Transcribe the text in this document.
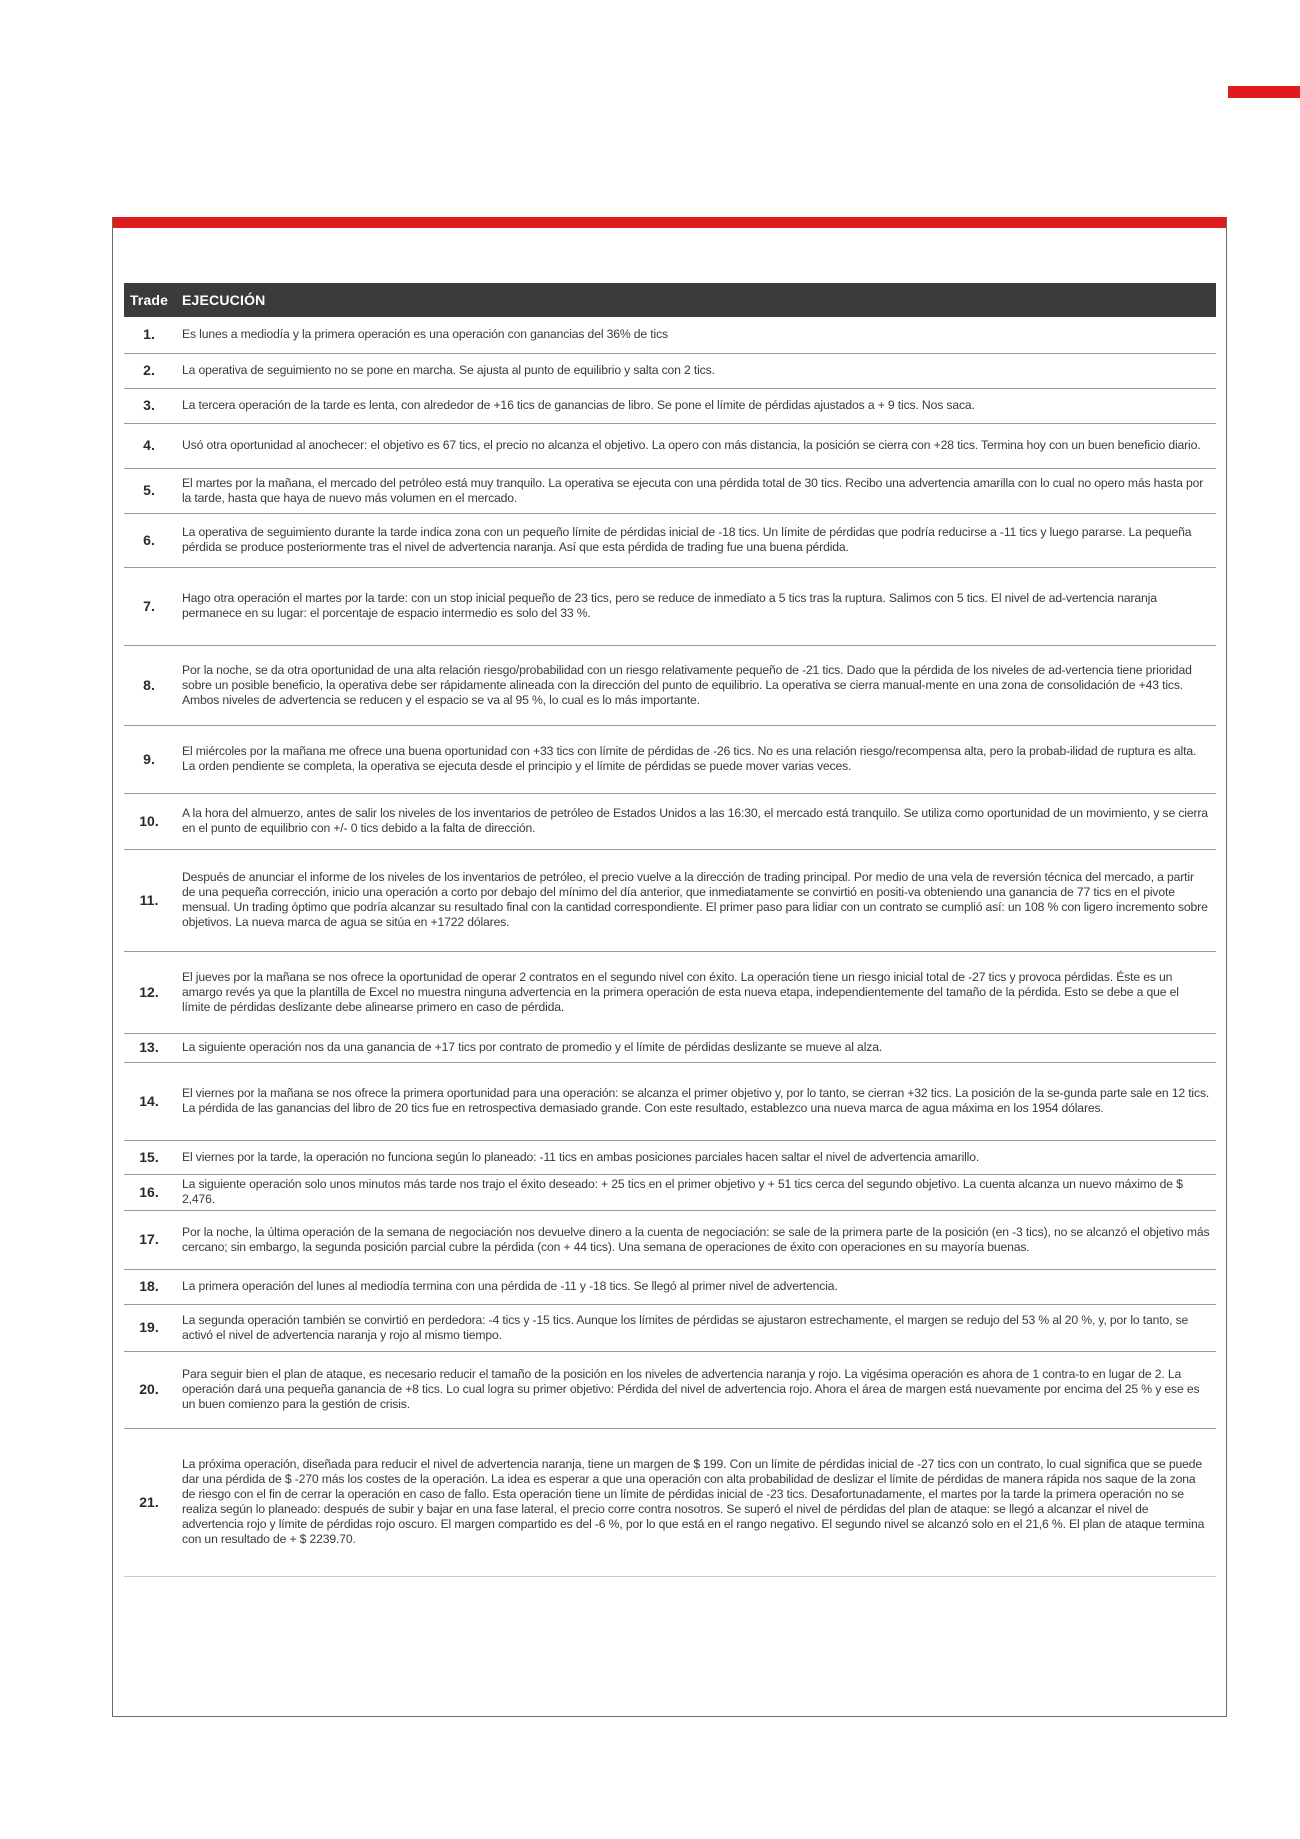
Trade	EJECUCIÓN
1.	Es lunes a mediodía y la primera operación es una operación con ganancias del 36% de tics
2.	La operativa de seguimiento no se pone en marcha. Se ajusta al punto de equilibrio y salta con 2 tics.
3.	La tercera operación de la tarde es lenta, con alrededor de +16 tics de ganancias de libro. Se pone el límite de pérdidas ajustados a + 9 tics. Nos saca.
4.	Usó otra oportunidad al anochecer: el objetivo es 67 tics, el precio no alcanza el objetivo. La opero con más distancia, la posición se cierra con +28 tics. Termina hoy con un buen beneficio diario.
5.	El martes por la mañana, el mercado del petróleo está muy tranquilo. La operativa se ejecuta con una pérdida total de 30 tics. Recibo una advertencia amarilla con lo cual no opero más hasta por la tarde, hasta que haya de nuevo más volumen en el mercado.
6.	La operativa de seguimiento durante la tarde indica zona con un pequeño límite de pérdidas inicial de -18 tics. Un límite de pérdidas que podría reducirse a -11 tics y luego pararse. La pequeña pérdida se produce posteriormente tras el nivel de advertencia naranja. Así que esta pérdida de trading fue una buena pérdida.
7.	Hago otra operación el martes por la tarde: con un stop inicial pequeño de 23 tics, pero se reduce de inmediato a 5 tics tras la ruptura. Salimos con 5 tics. El nivel de ad-vertencia naranja permanece en su lugar: el porcentaje de espacio intermedio es solo del 33 %.
8.	Por la noche, se da otra oportunidad de una alta relación riesgo/probabilidad con un riesgo relativamente pequeño de -21 tics. Dado que la pérdida de los niveles de ad-vertencia tiene prioridad sobre un posible beneficio, la operativa debe ser rápidamente alineada con la dirección del punto de equilibrio. La operativa se cierra manual-mente en una zona de consolidación de +43 tics. Ambos niveles de advertencia se reducen y el espacio se va al 95 %, lo cual es lo más importante.
9.	El miércoles por la mañana me ofrece una buena oportunidad con +33 tics con límite de pérdidas de -26 tics. No es una relación riesgo/recompensa alta, pero la probab-ilidad de ruptura es alta. La orden pendiente se completa, la operativa se ejecuta desde el principio y el límite de pérdidas se puede mover varias veces.
10.	A la hora del almuerzo, antes de salir los niveles de los inventarios de petróleo de Estados Unidos a las 16:30, el mercado está tranquilo. Se utiliza como oportunidad de un movimiento, y se cierra en el punto de equilibrio con +/- 0 tics debido a la falta de dirección.
11.	Después de anunciar el informe de los niveles de los inventarios de petróleo, el precio vuelve a la dirección de trading principal. Por medio de una vela de reversión técnica del mercado, a partir de una pequeña corrección, inicio una operación a corto por debajo del mínimo del día anterior, que inmediatamente se convirtió en positi-va obteniendo una ganancia de 77 tics en el pivote mensual. Un trading óptimo que podría alcanzar su resultado final con la cantidad correspondiente. El primer paso para lidiar con un contrato se cumplió así: un 108 % con ligero incremento sobre objetivos. La nueva marca de agua se sitúa en +1722 dólares.
12.	El jueves por la mañana se nos ofrece la oportunidad de operar 2 contratos en el segundo nivel con éxito. La operación tiene un riesgo inicial total de -27 tics y provoca pérdidas. Éste es un amargo revés ya que la plantilla de Excel no muestra ninguna advertencia en la primera operación de esta nueva etapa, independientemente del tamaño de la pérdida. Esto se debe a que el límite de pérdidas deslizante debe alinearse primero en caso de pérdida.
13.	La siguiente operación nos da una ganancia de +17 tics por contrato de promedio y el límite de pérdidas deslizante se mueve al alza.
14.	El viernes por la mañana se nos ofrece la primera oportunidad para una operación: se alcanza el primer objetivo y, por lo tanto, se cierran +32 tics. La posición de la se-gunda parte sale en 12 tics. La pérdida de las ganancias del libro de 20 tics fue en retrospectiva demasiado grande. Con este resultado, establezco una nueva marca de agua máxima en los 1954 dólares.
15.	El viernes por la tarde, la operación no funciona según lo planeado: -11 tics en ambas posiciones parciales hacen saltar el nivel de advertencia amarillo.
16.	La siguiente operación solo unos minutos más tarde nos trajo el éxito deseado: + 25 tics en el primer objetivo y + 51 tics cerca del segundo objetivo. La cuenta alcanza un nuevo máximo de $ 2,476.
17.	Por la noche, la última operación de la semana de negociación nos devuelve dinero a la cuenta de negociación: se sale de la primera parte de la posición (en -3 tics), no se alcanzó el objetivo más cercano; sin embargo, la segunda posición parcial cubre la pérdida (con + 44 tics). Una semana de operaciones de éxito con operaciones en su mayoría buenas.
18.	La primera operación del lunes al mediodía termina con una pérdida de -11 y -18 tics. Se llegó al primer nivel de advertencia.
19.	La segunda operación también se convirtió en perdedora: -4 tics y -15 tics. Aunque los límites de pérdidas se ajustaron estrechamente, el margen se redujo del 53 % al 20 %, y, por lo tanto, se activó el nivel de advertencia naranja y rojo al mismo tiempo.
20.	Para seguir bien el plan de ataque, es necesario reducir el tamaño de la posición en los niveles de advertencia naranja y rojo. La vigésima operación es ahora de 1 contra-to en lugar de 2. La operación dará una pequeña ganancia de +8 tics. Lo cual logra su primer objetivo: Pérdida del nivel de advertencia rojo. Ahora el área de margen está nuevamente por encima del 25 % y ese es un buen comienzo para la gestión de crisis.
21.	La próxima operación, diseñada para reducir el nivel de advertencia naranja, tiene un margen de $ 199. Con un límite de pérdidas inicial de -27 tics con un contrato, lo cual significa que se puede dar una pérdida de $ -270 más los costes de la operación. La idea es esperar a que una operación con alta probabilidad de deslizar el límite de pérdidas de manera rápida nos saque de la zona de riesgo con el fin de cerrar la operación en caso de fallo. Esta operación tiene un límite de pérdidas inicial de -23 tics. Desafortunadamente, el martes por la tarde la primera operación no se realiza según lo planeado: después de subir y bajar en una fase lateral, el precio corre contra nosotros. Se superó el nivel de pérdidas del plan de ataque: se llegó a alcanzar el nivel de advertencia rojo y límite de pérdidas rojo oscuro. El margen compartido es del -6 %, por lo que está en el rango negativo. El segundo nivel se alcanzó solo en el 21,6 %. El plan de ataque termina con un resultado de + $ 2239.70.
